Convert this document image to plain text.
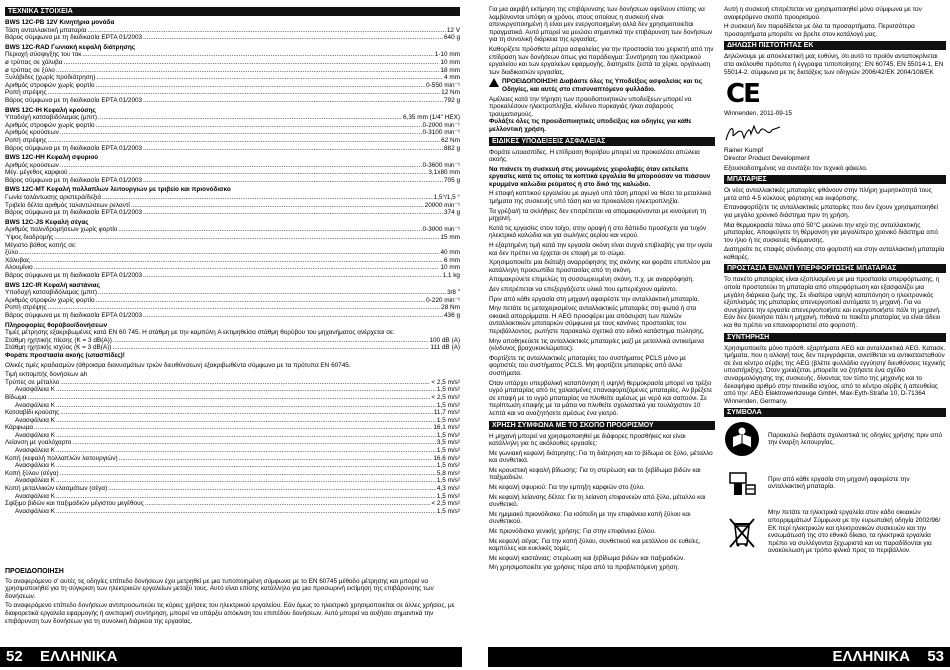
ΤΕΧΝΙΚΑ ΣΤΟΙΧΕΙΑ
BWS 12C-PB 12V Κινητήρια μονάδα
Τάση ανταλλακτική μπαταρία .....	12 V
Βάρος σύμφωνα με τη διαδικασία EPTA 01/2003 .....	640 g
BWS 12C-RAD Γωνιακή κεφαλή διάτρησης
Περιοχή σύσφιγξης του τοκ .....	1-10 mm
ø τρύπας σε χάλυβα .....	10 mm
ø τρύπας σε ξύλο .....	18 mm
Ξυλόβιδες (χωρίς προδιάτρηση) .....	4 mm
Αριθμός στροφών χωρίς φορτίο .....	0-550 min⁻¹
Ροπή στρέψης .....	12 Nm
Βάρος σύμφωνα με τη διαδικασία EPTA 01/2003 .....	792 g
BWS 12C-IH Κεφαλή κρούσης
Υποδοχή κατσαβιδόλαμας (μπιτ) .....	6,35 mm (1/4" HEX)
Αριθμός στροφών χωρίς φορτίο .....	0-2000 min⁻¹
Αριθμός κρούσεων .....	0-3100 min⁻¹
Ροπή στρέψης .....	62 Nm
Βάρος σύμφωνα με τη διαδικασία EPTA 01/2003 .....	882 g
BWS 12C-HH Κεφαλή σφυριού
Αριθμός κρούσεων .....	0-3600 min⁻¹
Μέγ. μέγεθος καρφιού .....	3,1x80 mm
Βάρος σύμφωνα με τη διαδικασία EPTA 01/2003 .....	705 g
BWS 12C-MT Κεφαλή πολλαπλών λειτουργιών με τριβείο και πριονόδισκο
Γωνία ταλάντωσης αριστερά/δεξιά .....	1,5°/1,5 °
Τριβείο δέλτα αριθμός ταλαντώσεων ρελαντί .....	20000 min⁻¹
Βάρος σύμφωνα με τη διαδικασία EPTA 01/2003 .....	374 g
BWS 12C-JS Κεφαλή σέγας
Αριθμός παλινδρομήσεων χωρίς φορτίο .....	0-3000 min⁻¹
Ύψος διαδρομής .....	15 mm
Μέγιστο βάθος κοπής σε:
ξύλο .....	40 mm
Χάλυβας .....	6 mm
Αλουμίνιο .....	10 mm
Βάρος σύμφωνα με τη διαδικασία EPTA 01/2003 .....	1,1 kg
BWS 12C-IR Κεφαλή καστάνιας
Υποδοχή κατσαβιδόλαμας (μπιτ) .....	3/8 "
Αριθμός στροφών χωρίς φορτίο .....	0-220 min⁻¹
Ροπή στρέψης .....	28 Nm
Βάρος σύμφωνα με τη διαδικασία EPTA 01/2003 .....	436 g
Πληροφορίες θορύβου/δονήσεων
Τιμές μέτρησης εξακριβωμένες κατά EN 60 745. Η στάθμη με την καμπύλη A εκτιμηθείσα στάθμη θορύβου του μηχανήματος ανέρχεται σε:
Στάθμη ηχητικής πίεσης (K = 3 dB(A)) .....	100 dB (A)
Στάθμη ηχητικής ισχύος (K = 3 dB(A)) .....	111 dB (A)
Φοράτε προστασία ακοής (ωτασπίδες)!
Ολικές τιμές κραδασμών (άθροισμα διανυσμάτων τριών διευθύνσεων) εξακριβωθέντα σύμφωνα με τα πρότυπα EN 60745.
Τιμή εκπομπής δονήσεων ah
Τρύπες σε μέταλλο .....	< 2,5 m/s²
Ανασφάλεια K .....	1,5 m/s²
Βίδωμα .....	< 2,5 m/s²
Ανασφάλεια K .....	1,5 m/s²
Κατσαβίδι κρούσης .....	11,7 m/s²
Ανασφάλεια K .....	1,5 m/s²
Κάρφωμα .....	16,1 m/s²
Ανασφάλεια K .....	1,5 m/s²
Λείανση με γυαλόχαρτο .....	3,5 m/s²
Ανασφάλεια K .....	1,5 m/s²
Κοπή (κεφαλή πολλαπλών λειτουργιών) .....	16,6 m/s²
Ανασφάλεια K .....	1,5 m/s²
Κοπή ξύλου (σέγα) .....	5,8 m/s²
Ανασφάλεια K .....	1,5 m/s²
Κοπή μεταλλικών ελασμάτων (σέγα) .....	4,3 m/s²
Ανασφάλεια K .....	1,5 m/s²
Σφίξιμο βιδών και παξιμαδιών μέγιστου μεγέθους .....	< 2,5 m/s²
Ανασφάλεια K .....	1,5 m/s²
ΠΡΟΕΙΔΟΠΟΙΗΣΗ
Το αναφερόμενο σ' αυτές τις οδηγίες επίπεδο δονήσεων έχει μετρηθεί με μια τυποποιημένη σύμφωνα με το EN 60745 μέθοδο μέτρησης και μπορεί να χρησιμοποιηθεί για τη σύγκριση των ηλεκτρικών εργαλείων μεταξύ τους. Αυτό είναι επίσης κατάλληλο για μια προσωρινή εκτίμηση της επιβάρυνσης των δονήσεων.
Το αναφερόμενο επίπεδο δονήσεων αντιπροσωπεύει τις κύριες χρήσεις του ηλεκτρικού εργαλείου. Εάν όμως το ηλεκτρικό χρησιμοποιείται σε άλλες χρήσεις, με διαφορετικά εργαλεία εφαρμογής ή ανεπαρκή συντήρηση, μπορεί να υπάρξει απόκλιση του επιπέδου δονήσεων. Αυτό μπορεί να αυξήσει σημαντικά την επιβάρυνση των δονήσεων για τη συνολική διάρκεια της εργασίας.
Για μια ακριβή εκτίμηση της επιβάρυνσης των δονήσεων οφείλουν επίσης να λαμβάνονται υπόψη οι χρόνοι, στους οποίους η συσκευή είναι απενεργοποιημένη ή είναι μεν ενεργοποιημένη αλλά δεν χρησιμοποιείται πραγματικά. Αυτό μπορεί να μειώσει σημαντικά την επιβάρυνση των δονήσεων για τη συνολική διάρκεια της εργασίας.
Καθορίζετε πρόσθετα μέτρα ασφαλείας για την προστασία του χειριστή από την επίδραση των δονήσεων όπως για παράδειγμα: Συντήρηση του ηλεκτρικού εργαλείου και των εργαλείων εφαρμογής, διατηρείτε ζεστά τα χέρια, οργάνωση των διαδικασιών εργασίας.
ΠΡΟΕΙΔΟΠΟΙΗΣΗ! Διαβάστε όλες τις Υποδείξεις ασφαλείας και τις Οδηγίες, και αυτές στο επισυναπτόμενο φυλλάδιο.
Αμέλειες κατά την τήρηση των προειδοποιητικών υποδείξεων μπορεί να προκαλέσουν ηλεκτροπληξία, κίνδυνο πυρκαγιάς ή/και σοβαρούς τραυματισμούς.
Φυλάξτε όλες τις προειδοποιητικές υποδείξεις και οδηγίες για κάθε μελλοντική χρήση.
ΕΙΔΙΚΕΣ ΥΠΟΔΕΙΞΕΙΣ ΑΣΦΑΛΕΙΑΣ
Φοράτε ωτοασπίδες. Η επίδραση θορύβου μπορεί να προκαλέσει απώλεια ακοής.
Να πιάνετε τη συσκευή στις μονωμένες χειρολαβές όταν εκτελείτε εργασίες κατά τις οποίες τα κοπτικά εργαλεία θα μπορούσαν να πιάσουν κρυμμένα καλώδια ρεύματος ή στο δικό της καλώδιο.
Η επαφή κοπτικού εργαλείου με αγωγό υπό τάση μπορεί να θέσει τα μεταλλικά τμήματα της συσκευής υπό τάση και να προκαλέσει ηλεκτροπληξία.
Τα γρέζια/ή τα σκλήθρες δεν επιτρέπεται να απομακρύνονται με κινούμενη τη μηχανή.
Κατά τις εργασίες στον τοίχο, στην οροφή ή στο δάπεδο προσέχετε για τυχόν ηλεκτρικά καλώδια και για σωλήνες αερίου και νερού.
Η εξαρτημένη τιμή κατά την εργασία σκόνη είναι συχνά επιβλαβής για την υγεία και δεν πρέπει να έρχεται σε επαφή με το σώμα.
Χρησιμοποιείτε μια διάταξη αναρρόφησης της σκόνης και φοράτε επιπλέον μια κατάλληλη προσωπίδα προστασίας από τη σκόνη.
Απομακρύνετε επιμελώς τη συσσωρευμένη σκόνη, π.χ. με αναρρόφηση.
Δεν επιτρέπεται να επεξεργάζεστε υλικά που εμπεριέχουν αμίαντο.
Πριν από κάθε εργασία στη μηχανή αφαιρέστε την ανταλλακτική μπαταρία.
Μην πετάτε τις μεταχειρισμένες ανταλλακτικές μπαταρίες στη φωτιά ή στα οικιακά απορρίμματα. Η AEG προσφέρει μια απόσυρση των παλιών ανταλλακτικών μπαταριών σύμφωνα με τους κανόνες προστασίας του περιβάλλοντος, ρωτήστε παρακαλώ σχετικά στο ειδικό κατάστημα πώλησης.
Μην αποθηκεύετε τις ανταλλακτικές μπαταρίες μαζί με μεταλλικά αντικείμενα (κίνδυνος βραχυκυκλώματος).
Φορτίζετε τις ανταλλακτικές μπαταρίες του συστήματος PCLS μόνο με φορτιστές του συστήματος PCLS. Μη φορτίζετε μπαταρίες από άλλα συστήματα.
Όταν υπάρχει υπερβολική καταπόνηση ή υψηλή θερμοκρασία μπορεί να τρέξει υγρό μπαταρίας από τις χαλασμένες επαναφορτιζόμενες μπαταρίες. Αν βρέξετε σε επαφή με το υγρό μπαταρίας να πλυθείτε αμέσως με νερό και σαπούνι. Σε περίπτωση επαφής με τα μάτια να πλυθείτε σχολαστικά για τουλάχιστον 10 λεπτά και να αναζητήσετε αμέσως ένα γιατρό.
ΧΡΗΣΗ ΣΥΜΦΩΝΑ ΜΕ ΤΟ ΣΚΟΠΟ ΠΡΟΟΡΙΣΜΟΥ
Η μηχανή μπορεί να χρησιμοποιηθεί με διάφορες προσθήκες και είναι κατάλληλη για τις ακόλουθες εργασίες:
Με γωνιακή κεφαλή διάτρησης: Για τη διάτρηση και το βίδωμα σε ξύλο, μέταλλο και συνθετικά.
Με κρουστική κεφαλή βίδωσης: Για τη στερέωση και το ξεβίδωμα βιδών και παξιμαδιών.
Με κεφαλή σφυριού: Για την εμπηξη καρφιών στο ξύλο.
Με κεφαλή λείανσης δέλτα: Για τη λείανση επιφανειών από ξύλο, μέταλλο και συνθετικό.
Με ημιμιακό πριονόδισκο: Για ισόπεδη με την επιφάνεια κοπή ξύλου και συνθετικού.
Με πριονόδισκο γενικής χρήσης: Για στην επιφάνεια ξύλου.
Με κεφαλή σέγας: Για την κοπή ξύλου, συνθετικού και μετάλλου σε ευθείες, καμπύλες και κυκλικές τομές.
Με κεφαλή καστάνιας: στερέωση και ξεβίδωμα βιδών και παξιμαδιών.
Μη χρησιμοποιείτε για χρήσεις πέρα από τα προβλεπόμενη χρήση.
Αυτή η συσκευή επιτρέπεται να χρησιμοποιηθεί μόνο σύμφωνα με τον αναφερόμενο σκοπό προορισμού.
Η συσκευή δεν παραδίδεται με όλα τα προσαρτήματα. Περισσότερα προσαρτήματα μπορείτε να βρείτε στον κατάλογό μας.
ΔΗΛΩΣΗ ΠΙΣΤΟΤΗΤΑΣ ΕΚ
Δηλώνουμε με αποκλειστική μας ευθύνη, ότι αυτό το προϊόν ανταποκρίνεται στα ακόλουθα πρότυπα ή έγγραφα τυποποίησης: EN 60745, EN 55014-1, EN 55014-2. σύμφωνα με τις διατάξεις των οδηγιών 2006/42/ΕΚ 2004/108/ΕΚ
CE
Winnenden, 2011-09-15
Rainer Kumpf
Director Product Development
Εξουσιοδοτημένος να συντάξει τον τεχνικό φάκελο.
ΜΠΑΤΑΡΙΕΣ
Οι νέες ανταλλακτικές μπαταρίες φθάνουν στην πλήρη χωρητικότητά τους μετά από 4-5 κύκλους φόρτισης και εκφόρτισης.
Επαναφορτίζετε τις ανταλλακτικές μπαταρίες που δεν έχουν χρησιμοποιηθεί για μεγάλο χρονικό διάστημα πριν τη χρήση.
Μια θερμοκρασία πάνω από 50°C μειώνει την ισχύ της ανταλλακτικής μπαταρίας. Αποφεύγετε τη θέρμανση για μεγαλύτερο χρονικό διάστημα από τον ήλιο ή τις συσκευές θέρμανσης.
Διατηρείτε τις επαφές σύνδεσης στο φορτιστή και στην ανταλλακτική μπαταρία καθαρές.
ΠΡΟΣΤΑΣΙΑ ΕΝΑΝΤΙ ΥΠΕΡΦΟΡΤΩΣΗΣ ΜΠΑΤΑΡΙΑΣ
Το πακέτο μπαταρίας είναι εξοπλισμένο με μια προστασία υπερφόρτωσης, η οποία προστατεύει τη μπαταρία από υπερφόρτωση και εξασφαλίζει μια μεγάλη διάρκεια ζωής της. Σε ιδιαίτερα υψηλή καταπόνηση ο ηλεκτρονικός εξοπλισμός της μπαταρίας απενεργοποιεί αυτόματα τη μηχανή. Για να συνεχίσετε την εργασία απενεργοποιήστε και ενεργοποιήστε πάλι τη μηχανή. Εάν δεν ξεκινήσει πάλι η μηχανή, πιθανά το πακέτο μπαταρίας να είναι άδειο και θα πρέπει να επαναφορτιστεί στο φορτιστή.
ΣΥΝΤΗΡΗΣΗ
Χρησιμοποιείτε μόνο πρόσθ. εξαρτήματα AEG και ανταλλακτικά AEG. Κατασκ. τμήματα, που η αλλαγή τους δεν περιγράφεται, ανατίθεται να αντικατασταθούν σε ένα κέντρο σέρβις της AEG (βλέπε φυλλάδιο εγγύηση/ διευθύνσεις τεχνικής υποστήριξης). Όταν χρειάζεται, μπορείτε να ζητήσετε ένα σχέδιο συναρμολόγησης της συσκευής, δίνοντας τον τύπο της μηχανής και το δεκαψήφιο αριθμό στην πινακίδα ισχύος, από το κέντρο σέρβις ή απευθείας από την: AEG Elektrowerkzeuge GmbH, Max-Eyth-Straße 10, D-71364 Winnenden, Germany.
ΣΥΜΒΟΛΑ
Παρακαλώ διαβάστε σχολαστικά τις οδηγίες χρήσης πριν από την έναρξη λειτουργίας.
Πριν από κάθε εργασία στη μηχανή αφαιρέστε την ανταλλακτική μπαταρία.
Μην πετάτε τα ηλεκτρικά εργαλεία στον κάδο οικιακών απορριμμάτων! Σύμφωνα με την ευρωπαϊκή οδηγία 2002/96/ΕΚ περί ηλεκτρικών και ηλεκτρονικών συσκευών και την ενσωμάτωσή της στο εθνικό δίκαιο, τα ηλεκτρικά εργαλεία πρέπει να συλλέγονται ξεχωριστά και να παραδίδονται για ανακύκλωση με τρόπο φιλικό προς το περιβάλλον.
52 ΕΛΛΗΝΙΚΑ	ΕΛΛΗΝΙΚΑ 53
